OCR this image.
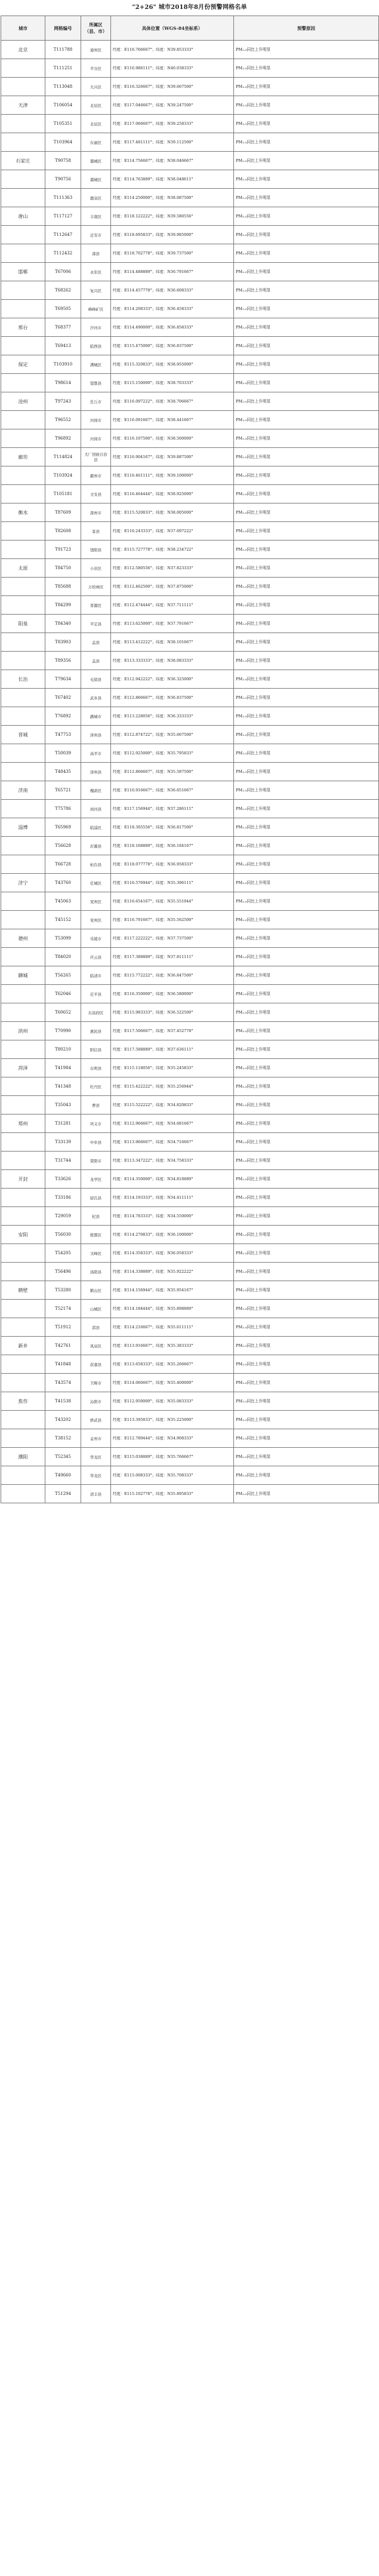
"2+26" 城市2018年8月份预警网格名单
城市	网格编号	所属区（县、市）	具体位置（WGS-84坐标系）	预警原因
北京	T111788	通州区	经度：E116.766667°；纬度：N39.853333°	PM₂.₅同比上升明显
	T111251	平谷区	经度：E116.986111°；纬度：N40.038333°	PM₂.₅同比上升明显
	T113048	大兴区	经度：E116.326667°；纬度：N39.667500°	PM₂.₅同比上升明显
天津	T106054	北辰区	经度：E117.046667°；纬度：N39.247500°	PM₂.₅同比上升明显
	T105351	北辰区	经度：E117.066667°；纬度：N39.258333°	PM₂.₅同比上升明显
	T103964	东丽区	经度：E117.481111°；纬度：N39.112500°	PM₂.₅同比上升明显
石家庄	T90758	藁城区	经度：E114.756667°；纬度：N38.046667°	PM₂.₅同比上升明显
	T90756	藁城区	经度：E114.763889°；纬度：N38.048611°	PM₂.₅同比上升明显
	T111363	鹿泉区	经度：E114.250000°；纬度：N38.087500°	PM₂.₅同比上升明显
唐山	T117127	丰南区	经度：E118.122222°；纬度：N39.580556°	PM₂.₅同比上升明显
	T112647	迁安市	经度：E118.695833°；纬度：N39.985000°	PM₂.₅同比上升明显
	T112432	滦县	经度：E118.702778°；纬度：N39.737500°	PM₂.₅同比上升明显
邯郸	T67006	永年区	经度：E114.488889°；纬度：N36.791667°	PM₂.₅同比上升明显
	T68262	复兴区	经度：E114.457778°；纬度：N36.608333°	PM₂.₅同比上升明显
	T69505	峰峰矿区	经度：E114.208333°；纬度：N36.458333°	PM₂.₅同比上升明显
邢台	T68377	沙河市	经度：E114.490000°；纬度：N36.858333°	PM₂.₅同比上升明显
	T69413	临西县	经度：E115.475000°；纬度：N36.837500°	PM₂.₅同比上升明显
保定	T103910	满城区	经度：E115.320833°；纬度：N38.955000°	PM₂.₅同比上升明显
	T98614	望都县	经度：E115.150000°；纬度：N38.703333°	PM₂.₅同比上升明显
沧州	T97243	任丘市	经度：E116.097222°；纬度：N38.706667°	PM₂.₅同比上升明显
	T96552	河间市	经度：E116.091667°；纬度：N38.441667°	PM₂.₅同比上升明显
	T96892	河间市	经度：E116.107500°；纬度：N38.500000°	PM₂.₅同比上升明显
廊坊	T114824	大厂回族自治县	经度：E116.904167°；纬度：N39.887500°	PM₂.₅同比上升明显
	T103924	霸州市	经度：E116.461111°；纬度：N39.100000°	PM₂.₅同比上升明显
	T105181	文安县	经度：E116.464444°；纬度：N38.925000°	PM₂.₅同比上升明显
衡水	T87609	深州市	经度：E115.520833°；纬度：N38.005000°	PM₂.₅同比上升明显
	T82608	景县	经度：E116.243333°；纬度：N37.697222°	PM₂.₅同比上升明显
	T91723	饶阳县	经度：E115.727778°；纬度：N38.234722°	PM₂.₅同比上升明显
太原	T84750	小店区	经度：E112.580556°；纬度：N37.823333°	PM₂.₅同比上升明显
	T85688	万柏林区	经度：E112.462500°；纬度：N37.875000°	PM₂.₅同比上升明显
	T84299	晋源区	经度：E112.474444°；纬度：N37.711111°	PM₂.₅同比上升明显
阳泉	T84340	平定县	经度：E113.625000°；纬度：N37.791667°	PM₂.₅同比上升明显
	T83903	盂县	经度：E113.412222°；纬度：N38.101667°	PM₂.₅同比上升明显
	T89356	盂县	经度：E113.333333°；纬度：N38.083333°	PM₂.₅同比上升明显
长治	T79634	屯留县	经度：E112.942222°；纬度：N36.325000°	PM₂.₅同比上升明显
	T67402	武乡县	经度：E112.866667°；纬度：N36.837500°	PM₂.₅同比上升明显
	T76892	潞城市	经度：E113.228056°；纬度：N36.333333°	PM₂.₅同比上升明显
晋城	T47753	泽州县	经度：E112.874722°；纬度：N35.667500°	PM₂.₅同比上升明显
	T50039	高平市	经度：E112.925000°；纬度：N35.795833°	PM₂.₅同比上升明显
	T48435	泽州县	经度：E112.866667°；纬度：N35.587500°	PM₂.₅同比上升明显
济南	T65721	槐荫区	经度：E116.916667°；纬度：N36.651667°	PM₂.₅同比上升明显
	T75786	商河县	经度：E117.156944°；纬度：N37.286111°	PM₂.₅同比上升明显
淄博	T65969	临淄区	经度：E118.305556°；纬度：N36.817500°	PM₂.₅同比上升明显
	T56628	沂源县	经度：E118.168889°；纬度：N36.184167°	PM₂.₅同比上升明显
	T66728	桓台县	经度：E118.077778°；纬度：N36.958333°	PM₂.₅同比上升明显
济宁	T43760	任城区	经度：E116.576944°；纬度：N35.396111°	PM₂.₅同比上升明显
	T45063	兖州区	经度：E116.654167°；纬度：N35.551944°	PM₂.₅同比上升明显
	T45152	兖州区	经度：E116.791667°；纬度：N35.562500°	PM₂.₅同比上升明显
德州	T53099	乐陵市	经度：E117.222222°；纬度：N37.737500°	PM₂.₅同比上升明显
	T84020	庆云县	经度：E117.388889°；纬度：N37.811111°	PM₂.₅同比上升明显
聊城	T56265	临清市	经度：E115.772222°；纬度：N36.847500°	PM₂.₅同比上升明显
	T62046	茌平县	经度：E116.350000°；纬度：N36.580000°	PM₂.₅同比上升明显
	T60652	东昌府区	经度：E115.983333°；纬度：N36.522500°	PM₂.₅同比上升明显
滨州	T70990	惠民县	经度：E117.506667°；纬度：N37.452778°	PM₂.₅同比上升明显
	T80210	阳信县	经度：E117.588889°；纬度：N37.636111°	PM₂.₅同比上升明显
菏泽	T41984	东明县	经度：E115.118056°；纬度：N35.245833°	PM₂.₅同比上升明显
	T41348	牡丹区	经度：E115.422222°；纬度：N35.256944°	PM₂.₅同比上升明显
	T35043	曹县	经度：E115.522222°；纬度：N34.820833°	PM₂.₅同比上升明显
郑州	T31281	巩义市	经度：E112.966667°；纬度：N34.681667°	PM₂.₅同比上升明显
	T33139	中牟县	经度：E113.966667°；纬度：N34.716667°	PM₂.₅同比上升明显
	T31744	荥阳市	经度：E113.347222°；纬度：N34.758333°	PM₂.₅同比上升明显
开封	T33626	龙亭区	经度：E114.350000°；纬度：N34.818889°	PM₂.₅同比上升明显
	T33186	尉氏县	经度：E114.193333°；纬度：N34.411111°	PM₂.₅同比上升明显
	T29059	杞县	经度：E114.783333°；纬度：N34.550000°	PM₂.₅同比上升明显
安阳	T56030	殷都区	经度：E114.270833°；纬度：N36.100000°	PM₂.₅同比上升明显
	T54205	文峰区	经度：E114.358333°；纬度：N36.058333°	PM₂.₅同比上升明显
	T56496	汤阴县	经度：E114.338889°；纬度：N35.922222°	PM₂.₅同比上升明显
鹤壁	T53280	鹤山区	经度：E114.156944°；纬度：N35.954167°	PM₂.₅同比上升明显
	T52174	山城区	经度：E114.184444°；纬度：N35.898889°	PM₂.₅同比上升明显
	T51912	淇县	经度：E114.216667°；纬度：N35.611111°	PM₂.₅同比上升明显
新乡	T42761	凤泉区	经度：E113.916667°；纬度：N35.383333°	PM₂.₅同比上升明显
	T41848	获嘉县	经度：E113.658333°；纬度：N35.266667°	PM₂.₅同比上升明显
	T43574	卫辉市	经度：E114.066667°；纬度：N35.400000°	PM₂.₅同比上升明显
焦作	T41538	沁阳市	经度：E112.950000°；纬度：N35.083333°	PM₂.₅同比上升明显
	T43202	修武县	经度：E113.395833°；纬度：N35.225000°	PM₂.₅同比上升明显
	T38152	孟州市	经度：E112.789444°；纬度：N34.908333°	PM₂.₅同比上升明显
濮阳	T52345	华龙区	经度：E115.038889°；纬度：N35.766667°	PM₂.₅同比上升明显
	T49660	华龙区	经度：E115.008333°；纬度：N35.708333°	PM₂.₅同比上升明显
	T51294	清丰县	经度：E115.102778°；纬度：N35.895833°	PM₂.₅同比上升明显
